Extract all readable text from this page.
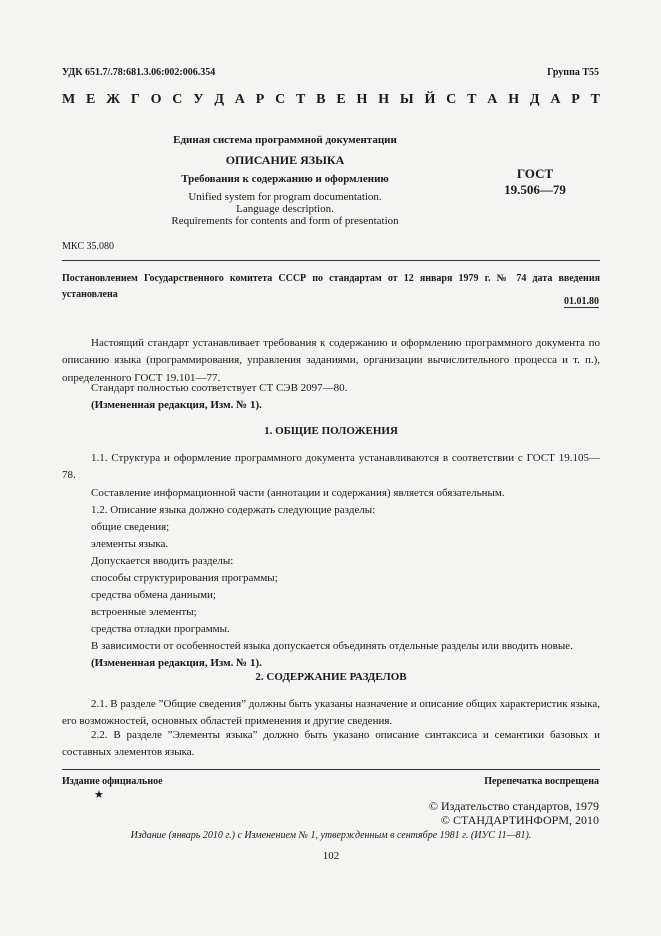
УДК 651.7/.78:681.3.06:002:006.354	Группа Т55
М Е Ж Г О С У Д А Р С Т В Е Н Н Ы Й С Т А Н Д А Р Т
Единая система программной документации
ОПИСАНИЕ ЯЗЫКА
Требования к содержанию и оформлению
Unified system for program documentation.
Language description.
Requirements for contents and form of presentation
ГОСТ
19.506—79
МКС 35.080
Постановлением Государственного комитета СССР по стандартам от 12 января 1979 г. № 74 дата введения установлена
01.01.80
Настоящий стандарт устанавливает требования к содержанию и оформлению программного документа по описанию языка (программирования, управления заданиями, организации вычислительного процесса и т. п.), определенного ГОСТ 19.101—77.
Стандарт полностью соответствует СТ СЭВ 2097—80.
(Измененная редакция, Изм. № 1).
1. ОБЩИЕ ПОЛОЖЕНИЯ
1.1. Структура и оформление программного документа устанавливаются в соответствии с ГОСТ 19.105—78.
Составление информационной части (аннотации и содержания) является обязательным.
1.2. Описание языка должно содержать следующие разделы:
общие сведения;
элементы языка.
Допускается вводить разделы:
способы структурирования программы;
средства обмена данными;
встроенные элементы;
средства отладки программы.
В зависимости от особенностей языка допускается объединять отдельные разделы или вводить новые.
(Измененная редакция, Изм. № 1).
2. СОДЕРЖАНИЕ РАЗДЕЛОВ
2.1. В разделе ”Общие сведения” должны быть указаны назначение и описание общих характеристик языка, его возможностей, основных областей применения и другие сведения.
2.2. В разделе ”Элементы языка” должно быть указано описание синтаксиса и семантики базовых и составных элементов языка.
Издание официальное
★
Перепечатка воспрещена
© Издательство стандартов, 1979
© СТАНДАРТИНФОРМ, 2010
Издание (январь 2010 г.) с Изменением № 1, утвержденным в сентябре 1981 г. (ИУС 11—81).
102
